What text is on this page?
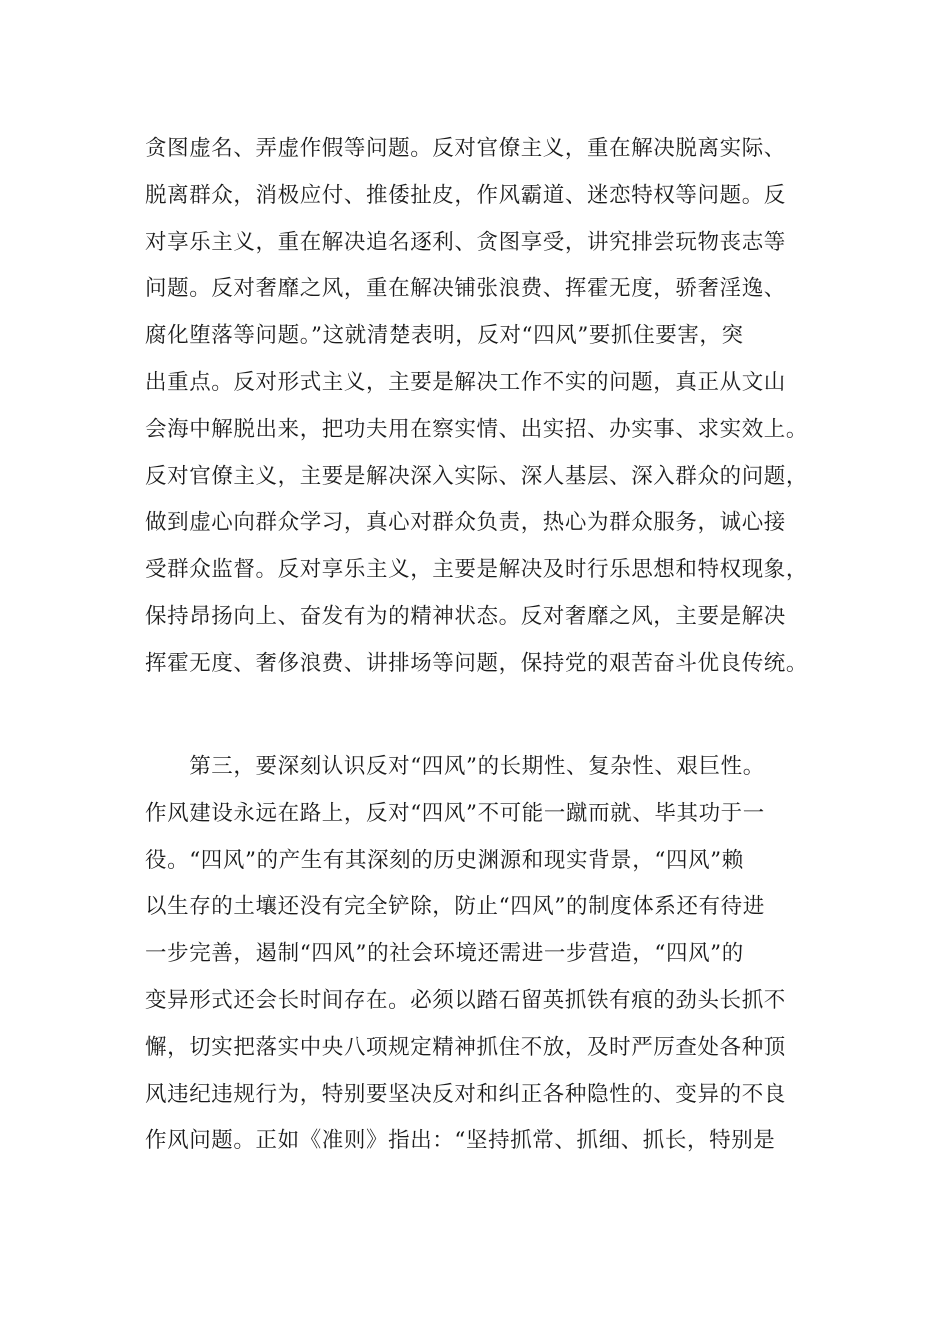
贪图虚名、弄虚作假等问题。反对官僚主义，重在解决脱离实际、
脱离群众，消极应付、推倭扯皮，作风霸道、迷恋特权等问题。反
对享乐主义，重在解决追名逐利、贪图享受，讲究排尝玩物丧志等
问题。反对奢靡之风，重在解决铺张浪费、挥霍无度，骄奢淫逸、
腐化堕落等问题。”这就清楚表明，反对“四风”要抓住要害，突
出重点。反对形式主义，主要是解决工作不实的问题，真正从文山
会海中解脱出来，把功夫用在察实情、出实招、办实事、求实效上。
反对官僚主义，主要是解决深入实际、深人基层、深入群众的问题，
做到虚心向群众学习，真心对群众负责，热心为群众服务，诚心接
受群众监督。反对享乐主义，主要是解决及时行乐思想和特权现象，
保持昂扬向上、奋发有为的精神状态。反对奢靡之风，主要是解决
挥霍无度、奢侈浪费、讲排场等问题，保持党的艰苦奋斗优良传统。
　　第三，要深刻认识反对“四风”的长期性、复杂性、艰巨性。
作风建设永远在路上，反对“四风”不可能一蹴而就、毕其功于一
役。“四风”的产生有其深刻的历史渊源和现实背景，“四风”赖
以生存的土壤还没有完全铲除，防止“四风”的制度体系还有待进
一步完善，遏制“四风”的社会环境还需进一步营造，“四风”的
变异形式还会长时间存在。必须以踏石留英抓铁有痕的劲头长抓不
懈，切实把落实中央八项规定精神抓住不放，及时严厉查处各种顶
风违纪违规行为，特别要坚决反对和纠正各种隐性的、变异的不良
作风问题。正如《准则》指出：“坚持抓常、抓细、抓长，特别是
